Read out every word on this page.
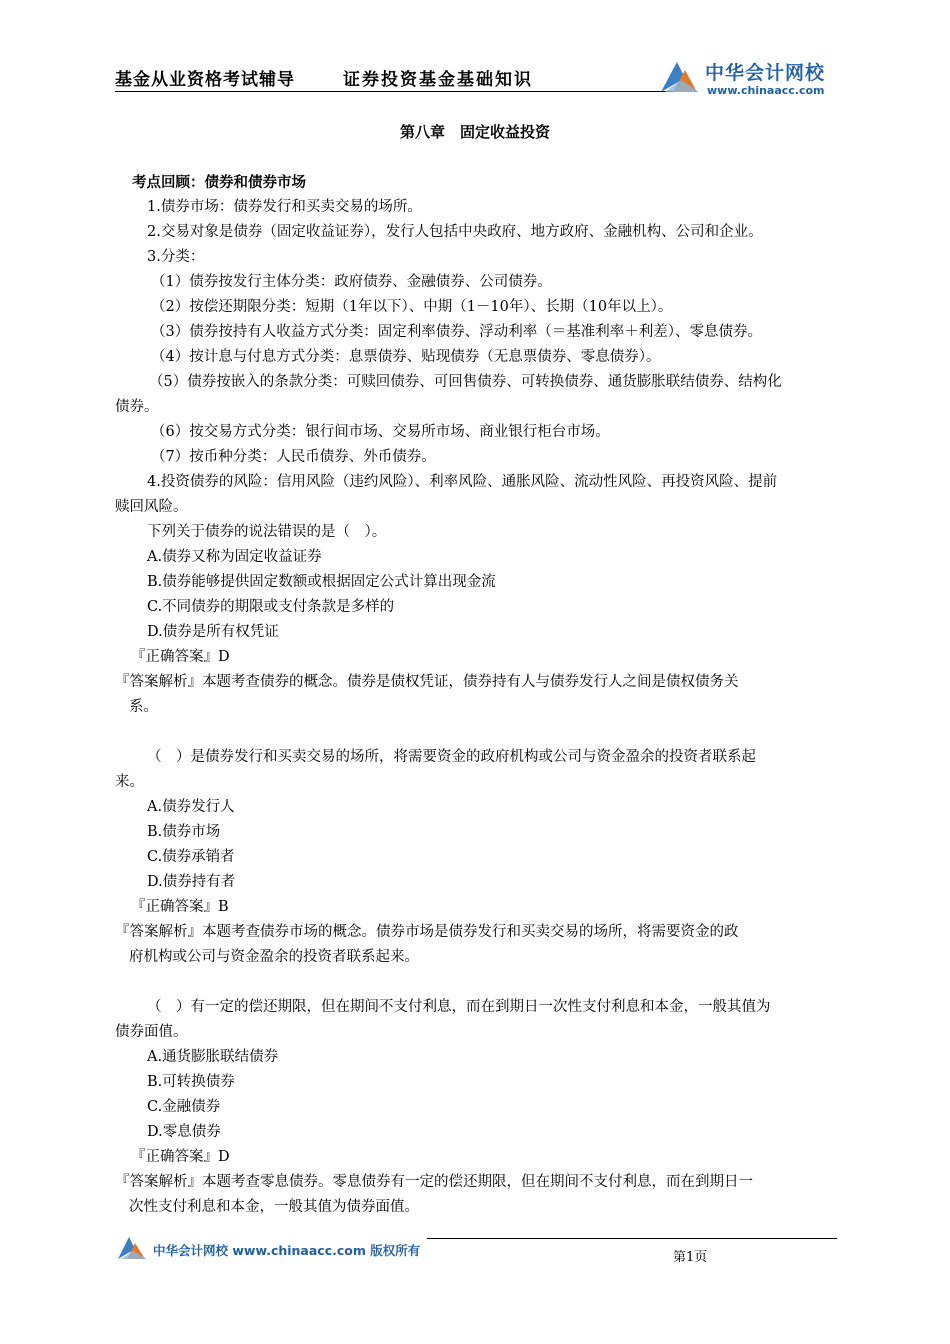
基金从业资格考试辅导	证券投资基金基础知识	中华会计网校
www.chinaacc.com
第八章　固定收益投资
考点回顾：债券和债券市场
1.债券市场：债券发行和买卖交易的场所。
2.交易对象是债券（固定收益证券），发行人包括中央政府、地方政府、金融机构、公司和企业。
3.分类：
（1）债券按发行主体分类：政府债券、金融债券、公司债券。
（2）按偿还期限分类：短期（1年以下）、中期（1－10年）、长期（10年以上）。
（3）债券按持有人收益方式分类：固定利率债券、浮动利率（＝基准利率＋利差）、零息债券。
（4）按计息与付息方式分类：息票债券、贴现债券（无息票债券、零息债券）。
（5）债券按嵌入的条款分类：可赎回债券、可回售债券、可转换债券、通货膨胀联结债券、结构化
债券。
（6）按交易方式分类：银行间市场、交易所市场、商业银行柜台市场。
（7）按币种分类：人民币债券、外币债券。
4.投资债券的风险：信用风险（违约风险）、利率风险、通胀风险、流动性风险、再投资风险、提前
赎回风险。
下列关于债券的说法错误的是（　）。
A.债券又称为固定收益证券
B.债券能够提供固定数额或根据固定公式计算出现金流
C.不同债券的期限或支付条款是多样的
D.债券是所有权凭证
『正确答案』D
『答案解析』本题考查债券的概念。债券是债权凭证，债券持有人与债券发行人之间是债权债务关
系。
（　）是债券发行和买卖交易的场所，将需要资金的政府机构或公司与资金盈余的投资者联系起
来。
A.债券发行人
B.债券市场
C.债券承销者
D.债券持有者
『正确答案』B
『答案解析』本题考查债券市场的概念。债券市场是债券发行和买卖交易的场所，将需要资金的政
府机构或公司与资金盈余的投资者联系起来。
（　）有一定的偿还期限，但在期间不支付利息，而在到期日一次性支付利息和本金，一般其值为
债券面值。
A.通货膨胀联结债券
B.可转换债券
C.金融债券
D.零息债券
『正确答案』D
『答案解析』本题考查零息债券。零息债券有一定的偿还期限，但在期间不支付利息，而在到期日一
次性支付利息和本金，一般其值为债券面值。
中华会计网校 www.chinaacc.com 版权所有	第1页
